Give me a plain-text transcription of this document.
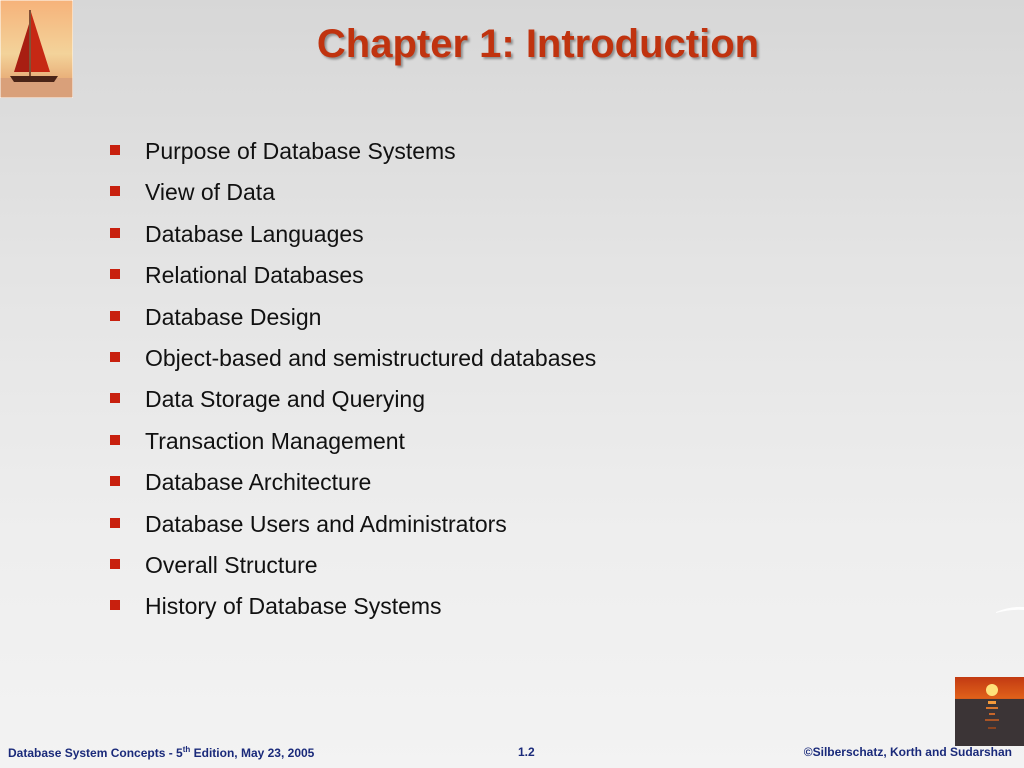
Chapter 1: Introduction
Purpose of Database Systems
View of Data
Database Languages
Relational Databases
Database Design
Object-based and semistructured databases
Data Storage and Querying
Transaction Management
Database Architecture
Database Users and Administrators
Overall Structure
History of Database Systems
Database System Concepts - 5th Edition, May 23, 2005	1.2	©Silberschatz, Korth and Sudarshan
